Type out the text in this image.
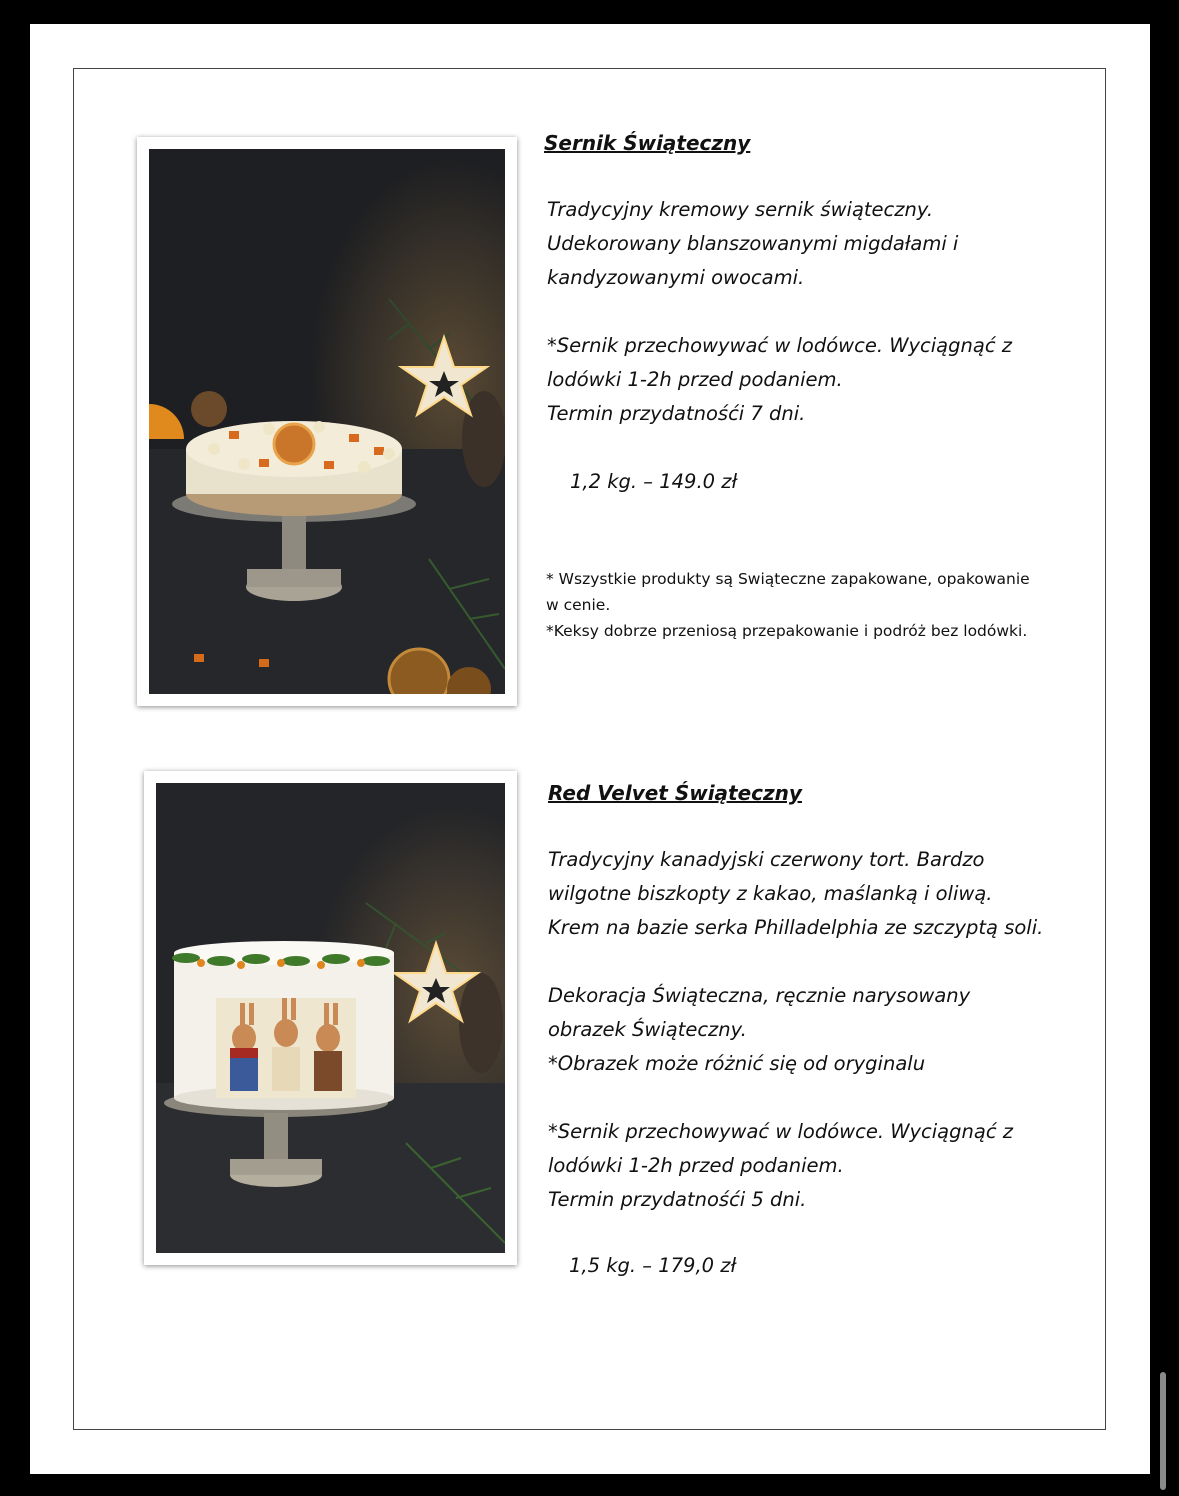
Sernik Świąteczny

Tradycyjny kremowy sernik świąteczny.

Udekorowany blanszowanymi migdałami i

kandyzowanymi owocami.

*Sernik przechowywać w lodówce. Wyciągnąć z

lodówki 1-2h przed podaniem.

Termin przydatnośći 7 dni.

1,2 kg. – 149.0 zł
* Wszystkie produkty są Swiąteczne zapakowane, opakowanie
w cenie.
*Keksy dobrze przeniosą przepakowanie i podróż bez lodówki.

Red Velvet Świąteczny

Tradycyjny kanadyjski czerwony tort. Bardzo

wilgotne biszkopty z kakao, maślanką i oliwą.

Krem na bazie serka Philladelphia ze szczyptą soli.

Dekoracja Świąteczna, ręcznie narysowany

obrazek Świąteczny.

*Obrazek może różnić się od oryginalu

*Sernik przechowywać w lodówce. Wyciągnąć z

lodówki 1-2h przed podaniem.

Termin przydatnośći 5 dni.

1,5 kg. – 179,0 zł
